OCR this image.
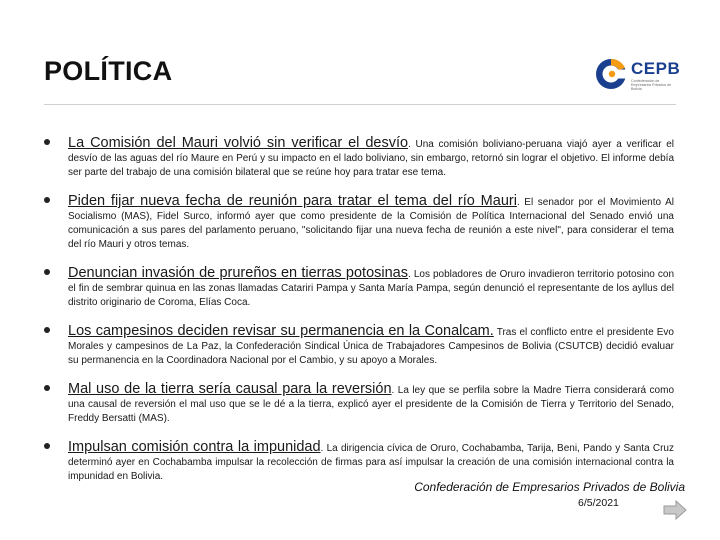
POLÍTICA	CEPB
Confederación de Empresarios Privados de Bolivia
La Comisión del Mauri volvió sin verificar el desvío. Una comisión boliviano-peruana viajó ayer a verificar el desvío de las aguas del río Maure en Perú y su impacto en el lado boliviano, sin embargo, retornó sin lograr el objetivo. El informe debía ser parte del trabajo de una comisión bilateral que se reúne hoy para tratar ese tema.
Piden fijar nueva fecha de reunión para tratar el tema del río Mauri. El senador por el Movimiento Al Socialismo (MAS), Fidel Surco, informó ayer que como presidente de la Comisión de Política Internacional del Senado envió una comunicación a sus pares del parlamento peruano, "solicitando fijar una nueva fecha de reunión a este nivel", para considerar el tema del río Mauri y otros temas.
Denuncian invasión de prureños en tierras potosinas. Los pobladores de Oruro invadieron territorio potosino con el fin de sembrar quinua en las zonas llamadas Catariri Pampa y Santa María Pampa, según denunció el representante de los ayllus del distrito originario de Coroma, Elías Coca.
Los campesinos deciden revisar su permanencia en la Conalcam. Tras el conflicto entre el presidente Evo Morales y campesinos de La Paz, la Confederación Sindical Única de Trabajadores Campesinos de Bolivia (CSUTCB) decidió evaluar su permanencia en la Coordinadora Nacional por el Cambio, y su apoyo a Morales.
Mal uso de la tierra sería causal para la reversión. La ley que se perfila sobre la Madre Tierra considerará como una causal de reversión el mal uso que se le dé a la tierra, explicó ayer el presidente de la Comisión de Tierra y Territorio del Senado, Freddy Bersatti (MAS).
Impulsan comisión contra la impunidad. La dirigencia cívica de Oruro, Cochabamba, Tarija, Beni, Pando y Santa Cruz determinó ayer en Cochabamba impulsar la recolección de firmas para así impulsar la creación de una comisión internacional contra la impunidad en Bolivia.
Confederación de Empresarios Privados de Bolivia
6/5/2021
